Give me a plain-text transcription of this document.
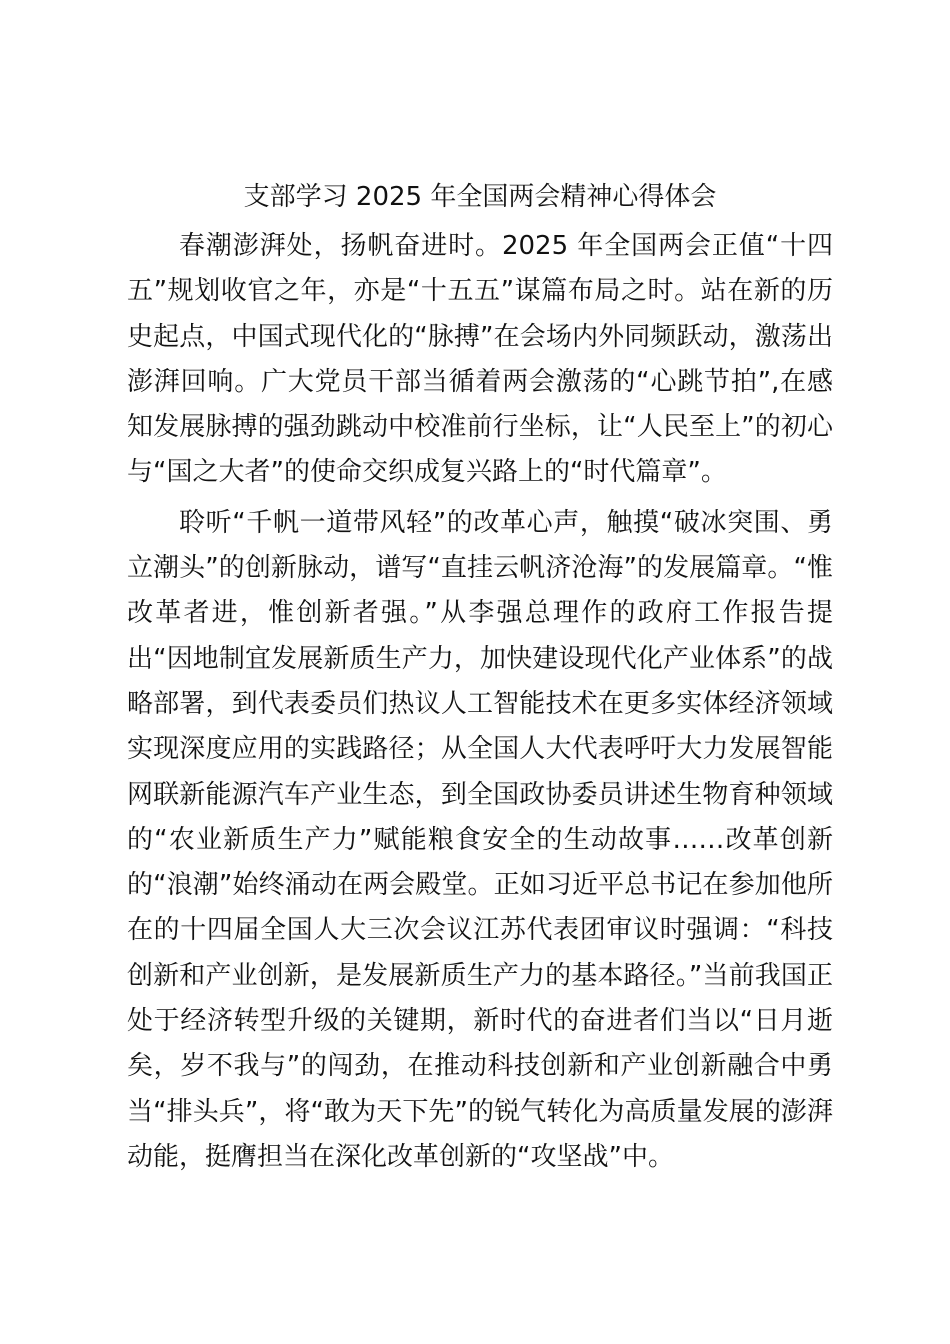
支部学习 2025 年全国两会精神心得体会

春潮澎湃处，扬帆奋进时。2025 年全国两会正值“十四五”规划收官之年，亦是“十五五”谋篇布局之时。站在新的历史起点，中国式现代化的“脉搏”在会场内外同频跃动，激荡出澎湃回响。广大党员干部当循着两会激荡的“心跳节拍”,在感知发展脉搏的强劲跳动中校准前行坐标，让“人民至上”的初心与“国之大者”的使命交织成复兴路上的“时代篇章”。

聆听“千帆一道带风轻”的改革心声，触摸“破冰突围、勇立潮头”的创新脉动，谱写“直挂云帆济沧海”的发展篇章。“惟改革者进，惟创新者强。”从李强总理作的政府工作报告提出“因地制宜发展新质生产力，加快建设现代化产业体系”的战略部署，到代表委员们热议人工智能技术在更多实体经济领域实现深度应用的实践路径；从全国人大代表呼吁大力发展智能网联新能源汽车产业生态，到全国政协委员讲述生物育种领域的“农业新质生产力”赋能粮食安全的生动故事……改革创新的“浪潮”始终涌动在两会殿堂。正如习近平总书记在参加他所在的十四届全国人大三次会议江苏代表团审议时强调：“科技创新和产业创新，是发展新质生产力的基本路径。”当前我国正处于经济转型升级的关键期，新时代的奋进者们当以“日月逝矣，岁不我与”的闯劲，在推动科技创新和产业创新融合中勇当“排头兵”，将“敢为天下先”的锐气转化为高质量发展的澎湃动能，挺膺担当在深化改革创新的“攻坚战”中。
